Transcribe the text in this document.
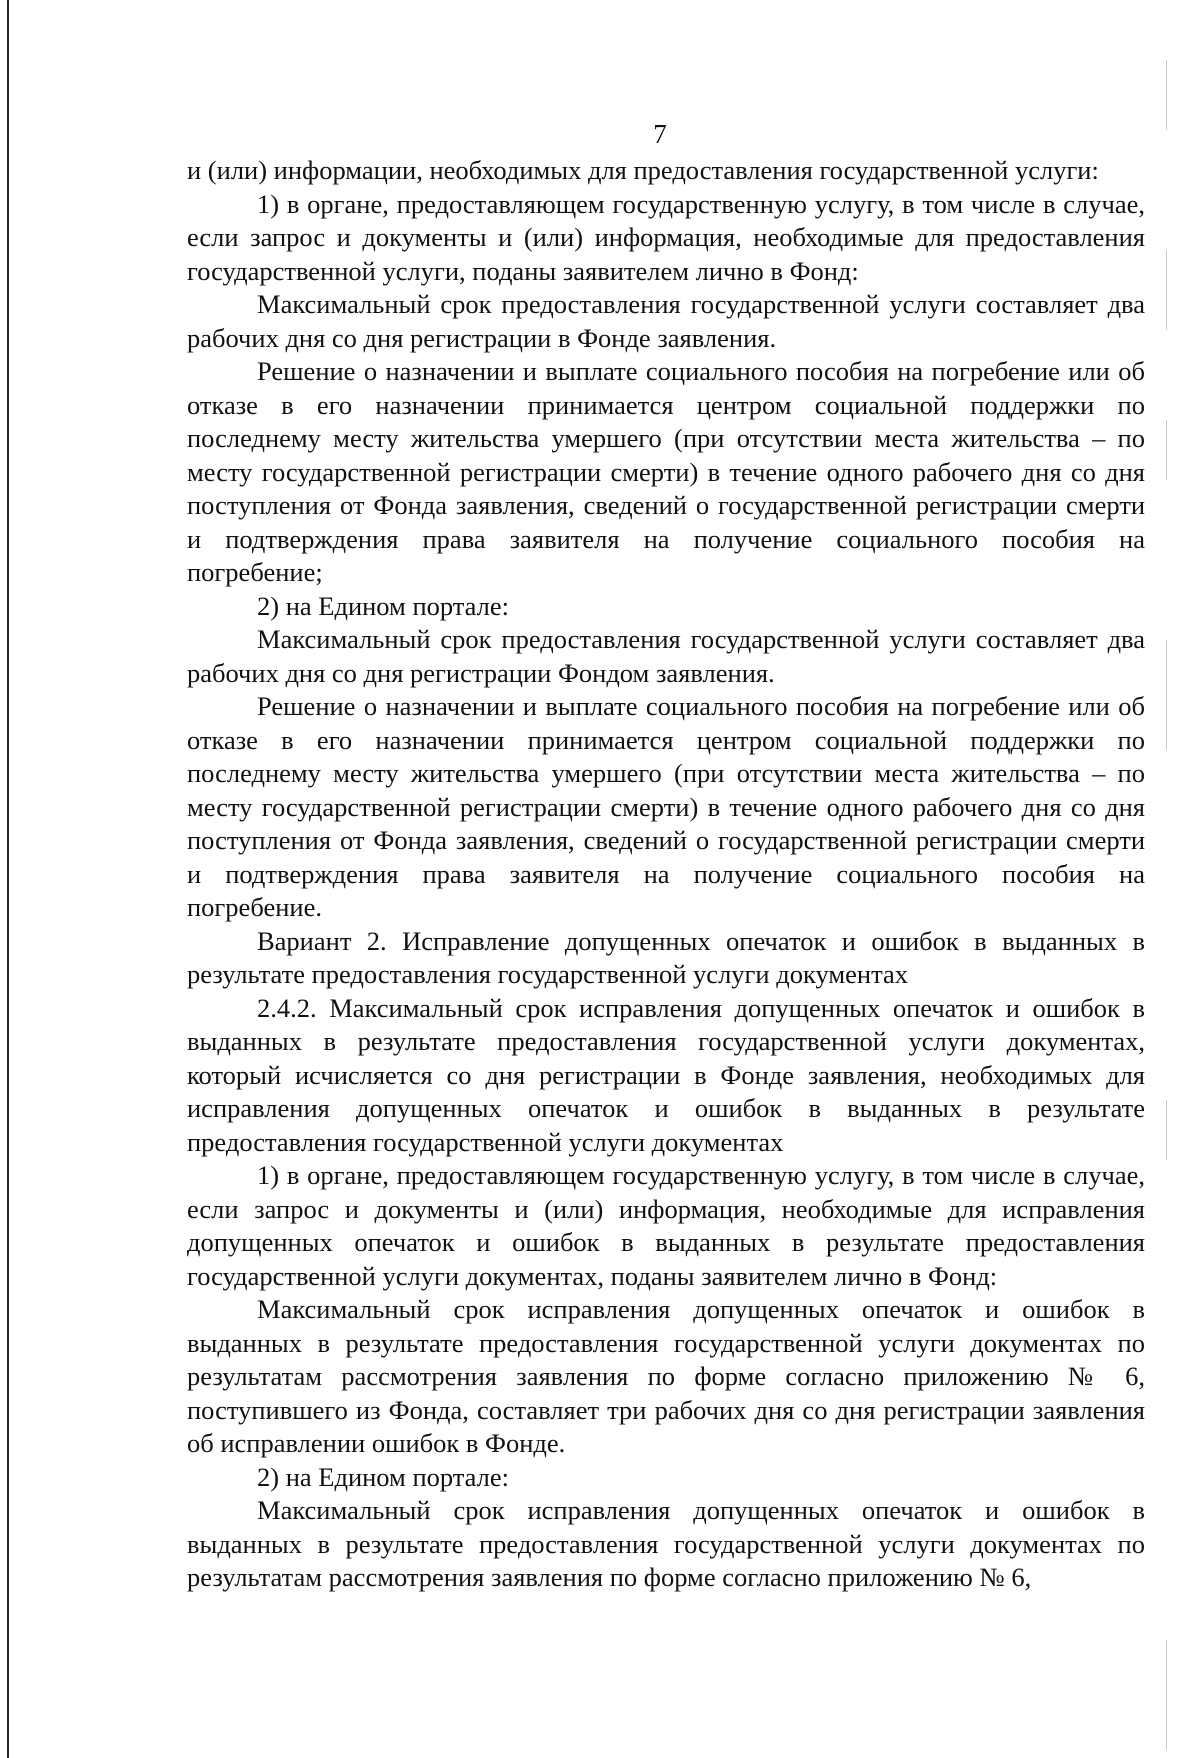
7

и (или) информации, необходимых для предоставления государственной услуги:

1) в органе, предоставляющем государственную услугу, в том числе в случае, если запрос и документы и (или) информация, необходимые для предоставления государственной услуги, поданы заявителем лично в Фонд:

Максимальный срок предоставления государственной услуги составляет два рабочих дня со дня регистрации в Фонде заявления.

Решение о назначении и выплате социального пособия на погребение или об отказе в его назначении принимается центром социальной поддержки по последнему месту жительства умершего (при отсутствии места жительства – по месту государственной регистрации смерти) в течение одного рабочего дня со дня поступления от Фонда заявления, сведений о государственной регистрации смерти и подтверждения права заявителя на получение социального пособия на погребение;

2) на Едином портале:

Максимальный срок предоставления государственной услуги составляет два рабочих дня со дня регистрации Фондом заявления.

Решение о назначении и выплате социального пособия на погребение или об отказе в его назначении принимается центром социальной поддержки по последнему месту жительства умершего (при отсутствии места жительства – по месту государственной регистрации смерти) в течение одного рабочего дня со дня поступления от Фонда заявления, сведений о государственной регистрации смерти и подтверждения права заявителя на получение социального пособия на погребение.

Вариант 2. Исправление допущенных опечаток и ошибок в выданных в результате предоставления государственной услуги документах

2.4.2. Максимальный срок исправления допущенных опечаток и ошибок в выданных в результате предоставления государственной услуги документах, который исчисляется со дня регистрации в Фонде заявления, необходимых для исправления допущенных опечаток и ошибок в выданных в результате предоставления государственной услуги документах

1) в органе, предоставляющем государственную услугу, в том числе в случае, если запрос и документы и (или) информация, необходимые для исправления допущенных опечаток и ошибок в выданных в результате предоставления государственной услуги документах, поданы заявителем лично в Фонд:

Максимальный срок исправления допущенных опечаток и ошибок в выданных в результате предоставления государственной услуги документах по результатам рассмотрения заявления по форме согласно приложению № 6, поступившего из Фонда, составляет три рабочих дня со дня регистрации заявления об исправлении ошибок в Фонде.

2) на Едином портале:

Максимальный срок исправления допущенных опечаток и ошибок в выданных в результате предоставления государственной услуги документах по результатам рассмотрения заявления по форме согласно приложению № 6,
